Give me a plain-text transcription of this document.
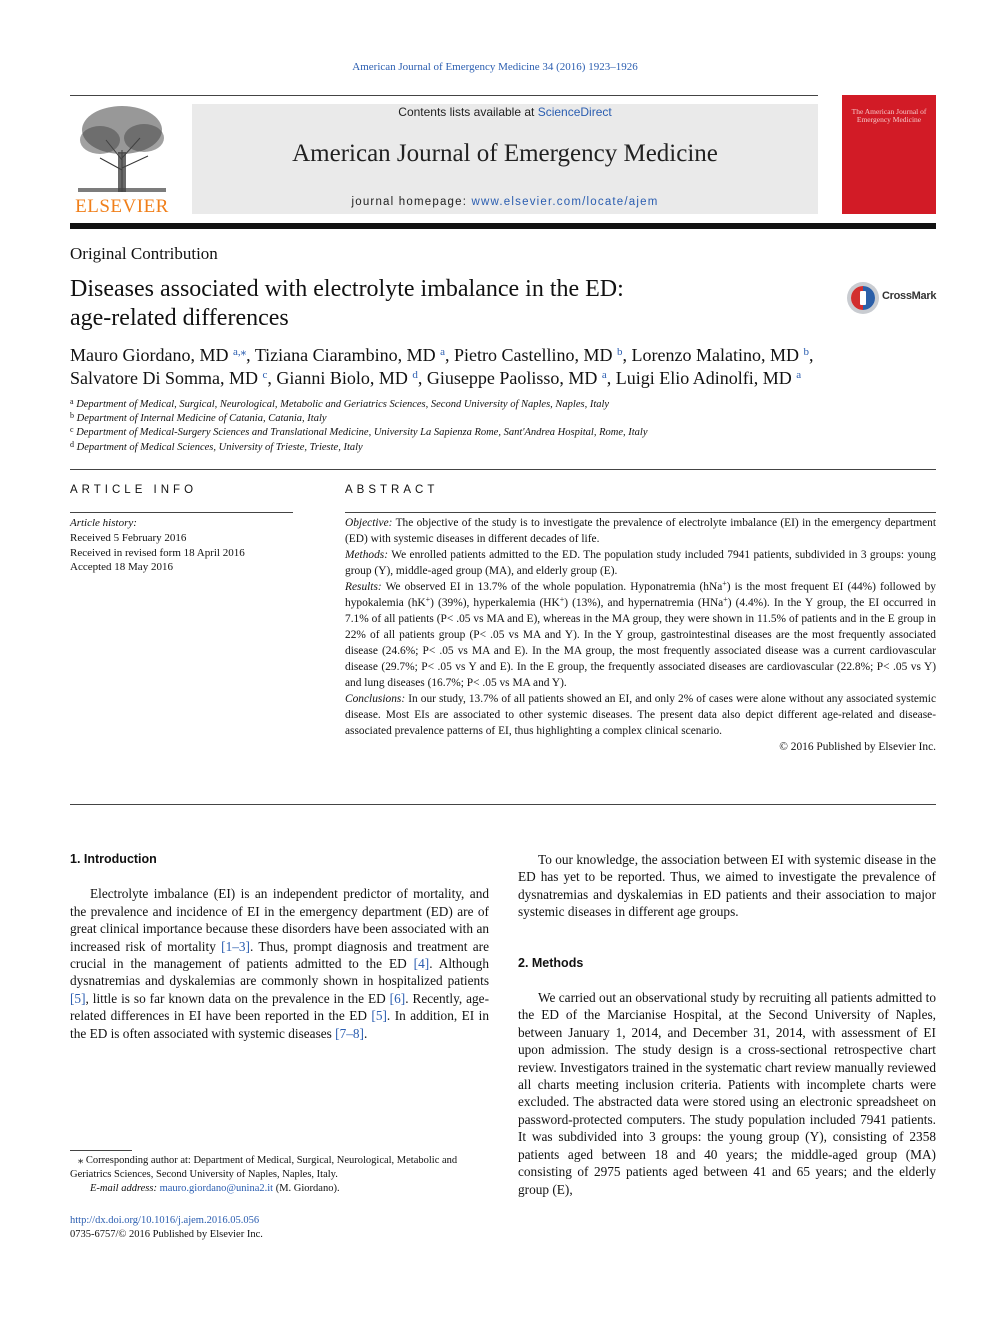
American Journal of Emergency Medicine 34 (2016) 1923–1926
ELSEVIER
Contents lists available at ScienceDirect
American Journal of Emergency Medicine
journal homepage: www.elsevier.com/locate/ajem
The American Journal of Emergency Medicine
Original Contribution
Diseases associated with electrolyte imbalance in the ED:
age-related differences
CrossMark
Mauro Giordano, MD $^{a,⁎}$, Tiziana Ciarambino, MD $^a$, Pietro Castellino, MD $^b$, Lorenzo Malatino, MD $^b$,
Salvatore Di Somma, MD $^c$, Gianni Biolo, MD $^d$, Giuseppe Paolisso, MD $^a$, Luigi Elio Adinolfi, MD $^a$
$^a$ Department of Medical, Surgical, Neurological, Metabolic and Geriatrics Sciences, Second University of Naples, Naples, Italy
$^b$ Department of Internal Medicine of Catania, Catania, Italy
$^c$ Department of Medical-Surgery Sciences and Translational Medicine, University La Sapienza Rome, Sant'Andrea Hospital, Rome, Italy
$^d$ Department of Medical Sciences, University of Trieste, Trieste, Italy
ARTICLE INFO	ABSTRACT
Article history:
Received 5 February 2016
Received in revised form 18 April 2016
Accepted 18 May 2016

Objective: The objective of the study is to investigate the prevalence of electrolyte imbalance (EI) in the emergency department (ED) with systemic diseases in different decades of life.

Methods: We enrolled patients admitted to the ED. The population study included 7941 patients, subdivided in 3 groups: young group (Y), middle-aged group (MA), and elderly group (E).

Results: We observed EI in 13.7% of the whole population. Hyponatremia (hNa+) is the most frequent EI (44%) followed by hypokalemia (hK+) (39%), hyperkalemia (HK+) (13%), and hypernatremia (HNa+) (4.4%). In the Y group, the EI occurred in 7.1% of all patients (P< .05 vs MA and E), whereas in the MA group, they were shown in 11.5% of patients and in the E group in 22% of all patients group (P< .05 vs MA and Y). In the Y group, gastrointestinal diseases are the most frequently associated disease (24.6%; P< .05 vs MA and E). In the MA group, the most frequently associated disease was a current cardiovascular disease (29.7%; P< .05 vs Y and E). In the E group, the frequently associated diseases are cardiovascular (22.8%; P< .05 vs Y) and lung diseases (16.7%; P< .05 vs MA and Y).

Conclusions: In our study, 13.7% of all patients showed an EI, and only 2% of cases were alone without any associated systemic disease. Most EIs are associated to other systemic diseases. The present data also depict different age-related and disease-associated prevalence patterns of EI, thus highlighting a complex clinical scenario.

© 2016 Published by Elsevier Inc.

1. Introduction

Electrolyte imbalance (EI) is an independent predictor of mortality, and the prevalence and incidence of EI in the emergency department (ED) are of great clinical importance because these disorders have been associated with an increased risk of mortality [1–3]. Thus, prompt diagnosis and treatment are crucial in the management of patients admitted to the ED [4]. Although dysnatremias and dyskalemias are commonly shown in hospitalized patients [5], little is so far known data on the prevalence in the ED [6]. Recently, age-related differences in EI have been reported in the ED [5]. In addition, EI in the ED is often associated with systemic diseases [7–8].

To our knowledge, the association between EI with systemic disease in the ED has yet to be reported. Thus, we aimed to investigate the prevalence of dysnatremias and dyskalemias in ED patients and their association to major systemic diseases in different age groups.

2. Methods

We carried out an observational study by recruiting all patients admitted to the ED of the Marcianise Hospital, at the Second University of Naples, between January 1, 2014, and December 31, 2014, with assessment of EI upon admission. The study design is a cross-sectional retrospective chart review. Investigators trained in the systematic chart review manually reviewed all charts meeting inclusion criteria. Patients with incomplete charts were excluded. The abstracted data were stored using an electronic spreadsheet on password-protected computers. The study population included 7941 patients. It was subdivided into 3 groups: the young group (Y), consisting of 2358 patients aged between 18 and 40 years; the middle-aged group (MA) consisting of 2975 patients aged between 41 and 65 years; and the elderly group (E),

⁎ Corresponding author at: Department of Medical, Surgical, Neurological, Metabolic and Geriatrics Sciences, Second University of Naples, Naples, Italy.

E-mail address: mauro.giordano@unina2.it (M. Giordano).

http://dx.doi.org/10.1016/j.ajem.2016.05.056
0735-6757/© 2016 Published by Elsevier Inc.
